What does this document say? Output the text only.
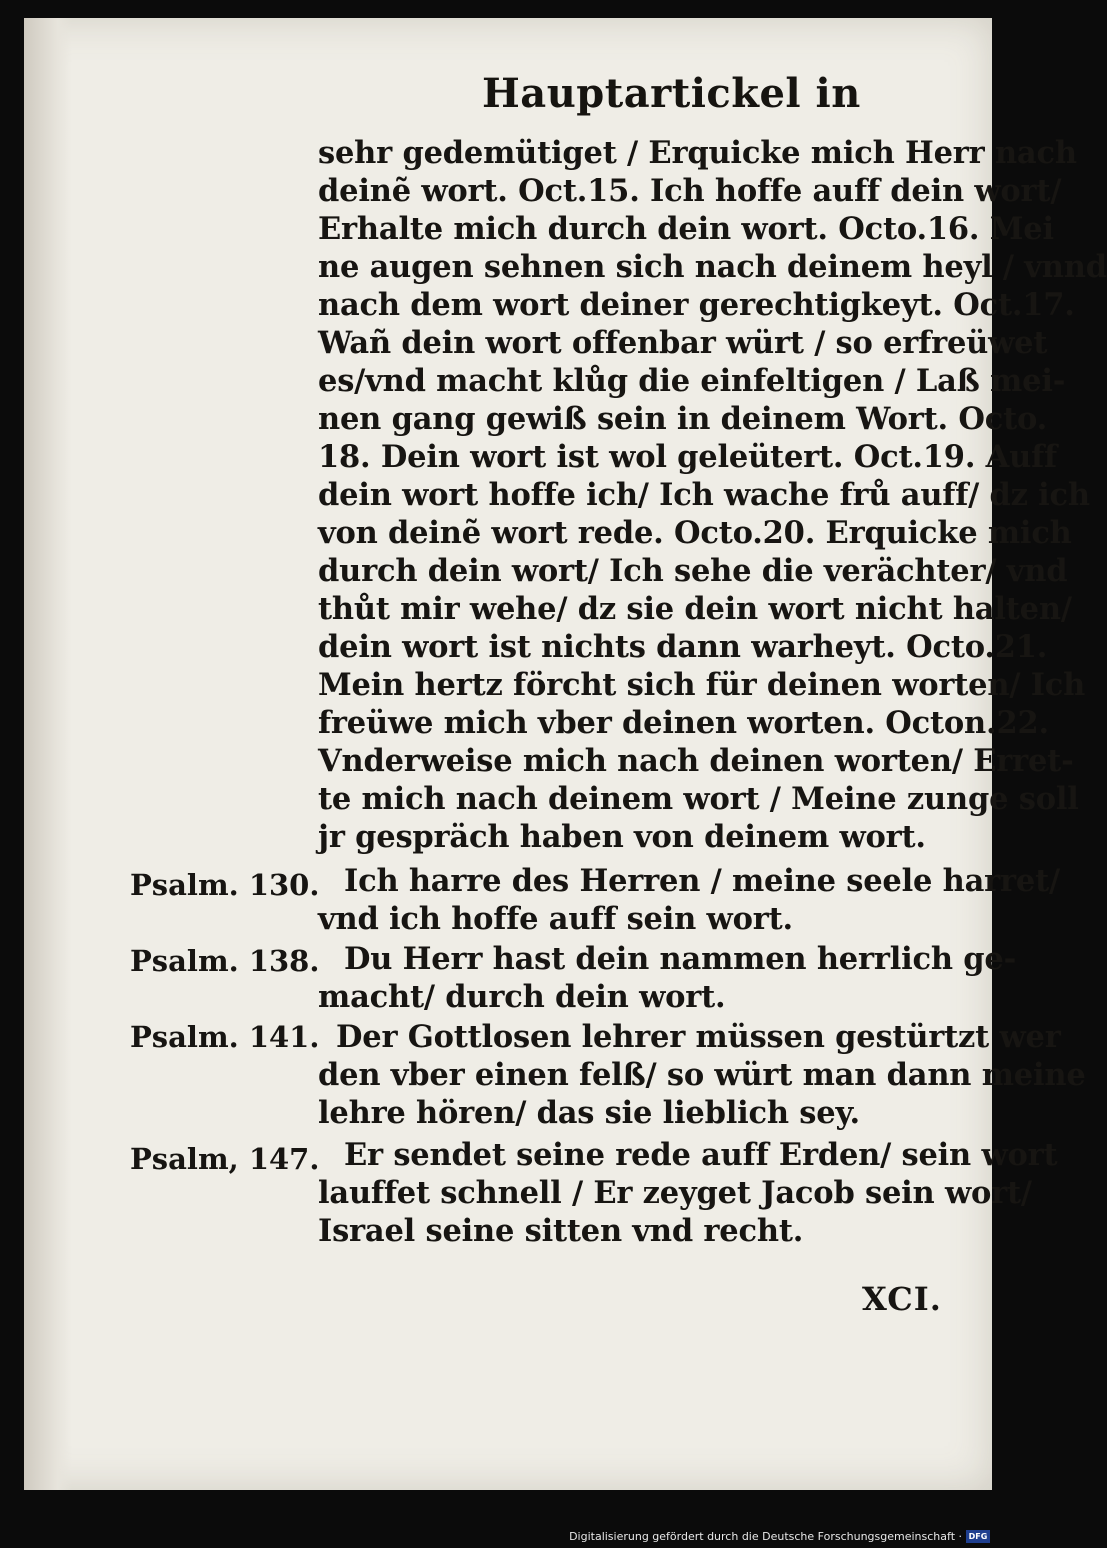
Hauptartickel in
sehr gedemütiget / Erquicke mich Herr nach
deinẽ wort. Oct.15. Ich hoffe auff dein wort/
Erhalte mich durch dein wort. Octo.16. Mei
ne augen sehnen sich nach deinem heyl / vnnd
nach dem wort deiner gerechtigkeyt. Oct.17.
Wañ dein wort offenbar würt / so erfreüwet
es/vnd macht klůg die einfeltigen / Laß mei-
nen gang gewiß sein in deinem Wort. Octo.
18. Dein wort ist wol geleütert. Oct.19. Auff
dein wort hoffe ich/ Ich wache frů auff/ dz ich
von deinẽ wort rede. Octo.20. Erquicke mich
durch dein wort/ Ich sehe die verächter/ vnd
thůt mir wehe/ dz sie dein wort nicht halten/
dein wort ist nichts dann warheyt. Octo.21.
Mein hertz förcht sich für deinen worten/ Ich
freüwe mich vber deinen worten. Octon.22.
Vnderweise mich nach deinen worten/ Erret-
te mich nach deinem wort / Meine zunge soll
jr gespräch haben von deinem wort.
Psalm. 130. Ich harre des Herren / meine seele harret/
vnd ich hoffe auff sein wort.
Psalm. 138. Du Herr hast dein nammen herrlich ge-
macht/ durch dein wort.
Psalm. 141. Der Gottlosen lehrer müssen gestürtzt wer
den vber einen felß/ so würt man dann meine
lehre hören/ das sie lieblich sey.
Psalm, 147. Er sendet seine rede auff Erden/ sein wort
lauffet schnell / Er zeyget Jacob sein wort/
Israel seine sitten vnd recht.
XCI.
Digitalisierung gefördert durch die Deutsche Forschungsgemeinschaft · DFG
